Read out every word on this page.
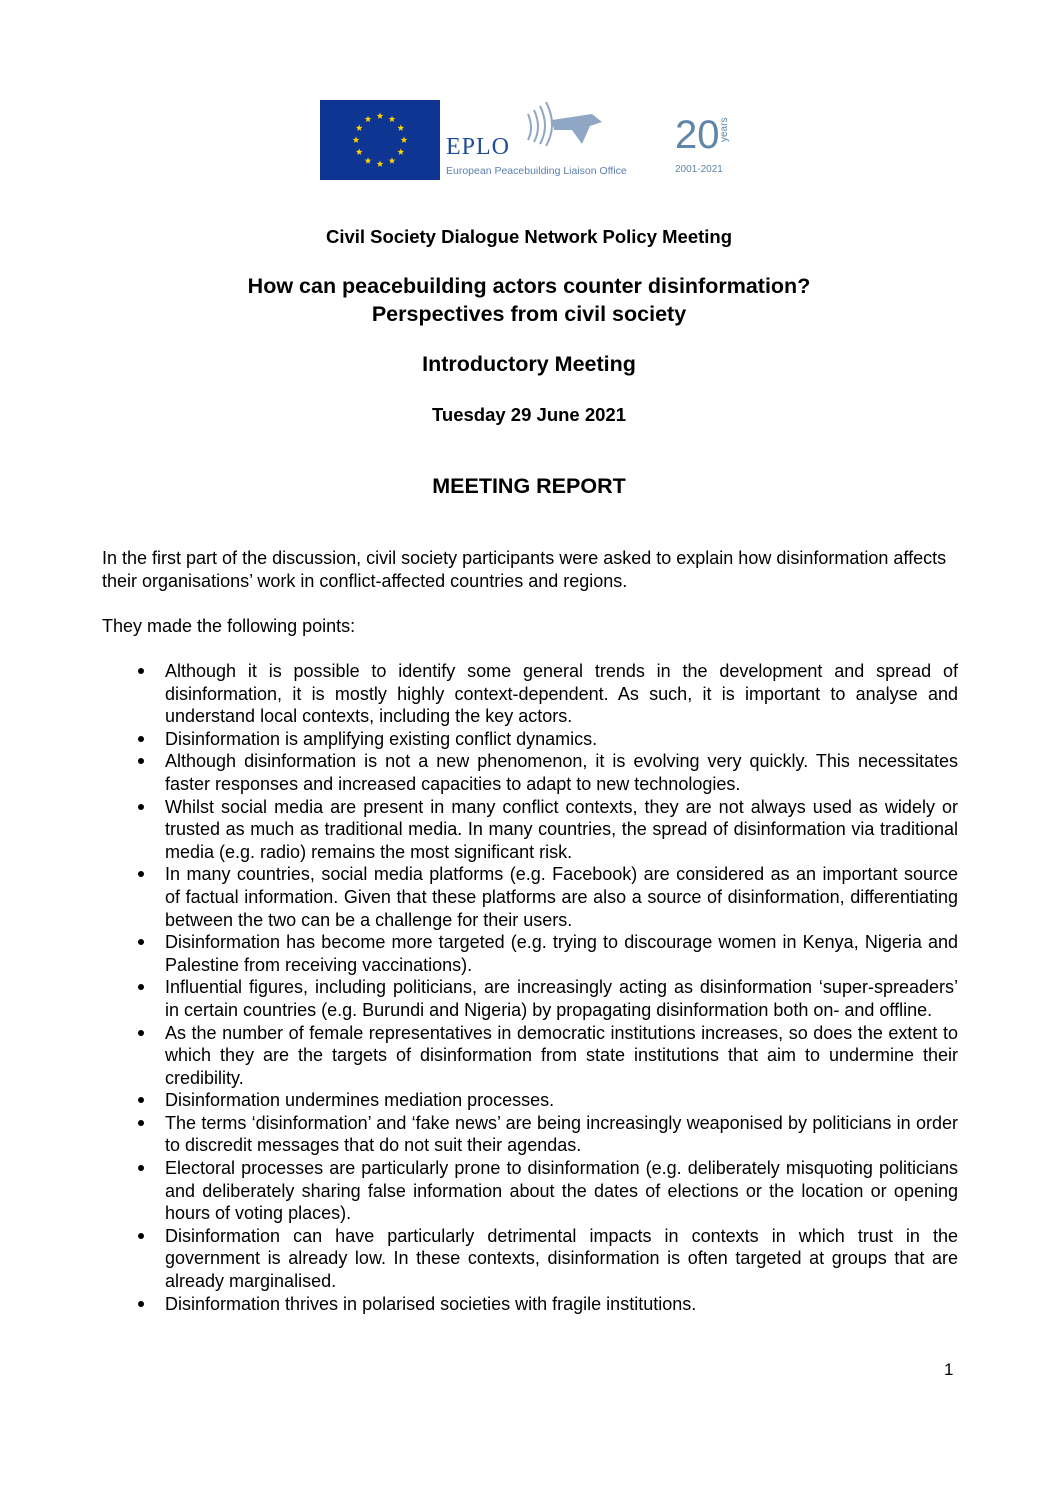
EPLO
European Peacebuilding Liaison Office
20 years
2001-2021
Civil Society Dialogue Network Policy Meeting
How can peacebuilding actors counter disinformation?
Perspectives from civil society
Introductory Meeting
Tuesday 29 June 2021
MEETING REPORT
In the first part of the discussion, civil society participants were asked to explain how disinformation affects their organisations’ work in conflict-affected countries and regions.
They made the following points:
Although it is possible to identify some general trends in the development and spread of disinformation, it is mostly highly context-dependent. As such, it is important to analyse and understand local contexts, including the key actors.
Disinformation is amplifying existing conflict dynamics.
Although disinformation is not a new phenomenon, it is evolving very quickly. This necessitates faster responses and increased capacities to adapt to new technologies.
Whilst social media are present in many conflict contexts, they are not always used as widely or trusted as much as traditional media. In many countries, the spread of disinformation via traditional media (e.g. radio) remains the most significant risk.
In many countries, social media platforms (e.g. Facebook) are considered as an important source of factual information. Given that these platforms are also a source of disinformation, differentiating between the two can be a challenge for their users.
Disinformation has become more targeted (e.g. trying to discourage women in Kenya, Nigeria and Palestine from receiving vaccinations).
Influential figures, including politicians, are increasingly acting as disinformation ‘super-spreaders’ in certain countries (e.g. Burundi and Nigeria) by propagating disinformation both on- and offline.
As the number of female representatives in democratic institutions increases, so does the extent to which they are the targets of disinformation from state institutions that aim to undermine their credibility.
Disinformation undermines mediation processes.
The terms ‘disinformation’ and ‘fake news’ are being increasingly weaponised by politicians in order to discredit messages that do not suit their agendas.
Electoral processes are particularly prone to disinformation (e.g. deliberately misquoting politicians and deliberately sharing false information about the dates of elections or the location or opening hours of voting places).
Disinformation can have particularly detrimental impacts in contexts in which trust in the government is already low. In these contexts, disinformation is often targeted at groups that are already marginalised.
Disinformation thrives in polarised societies with fragile institutions.
1
